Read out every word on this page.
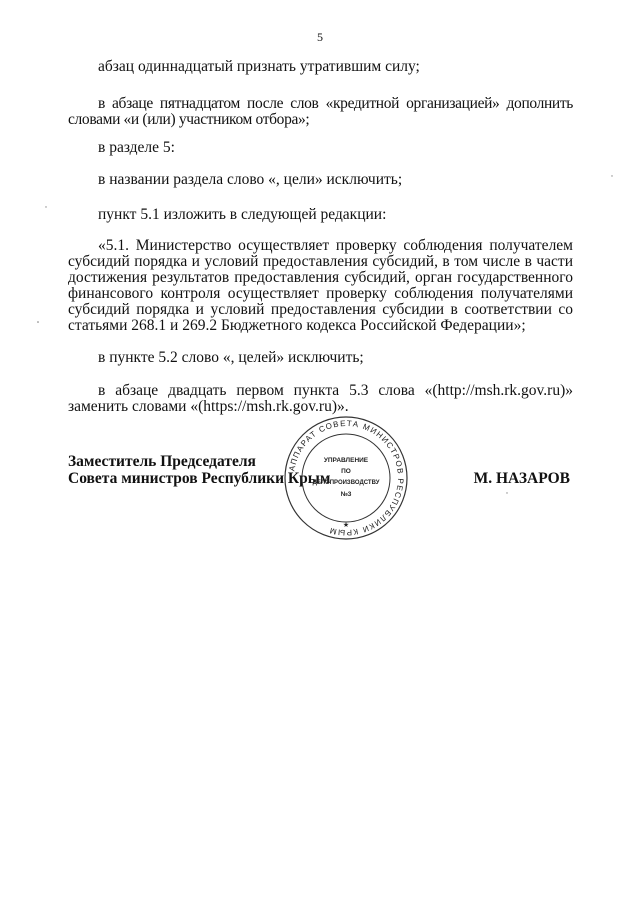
5
абзац одиннадцатый признать утратившим силу;
в абзаце пятнадцатом после слов «кредитной организацией» дополнить словами «и (или) участником отбора»;
в разделе 5:
в названии раздела слово «, цели» исключить;
пункт 5.1 изложить в следующей редакции:
«5.1. Министерство осуществляет проверку соблюдения получателем субсидий порядка и условий предоставления субсидий, в том числе в части достижения результатов предоставления субсидий, орган государственного финансового контроля осуществляет проверку соблюдения получателями субсидий порядка и условий предоставления субсидии в соответствии со статьями 268.1 и 269.2 Бюджетного кодекса Российской Федерации»;
в пункте 5.2 слово «, целей» исключить;
в абзаце двадцать первом пункта 5.3 слова «(http://msh.rk.gov.ru)» заменить словами «(https://msh.rk.gov.ru)».
Заместитель Председателя
Совета министров Республики Крым
АППАРАТ СОВЕТА МИНИСТРОВ РЕСПУБЛИКИ КРЫМ
★
УПРАВЛЕНИЕ
ПО
ДЕЛОПРОИЗВОДСТВУ
№3
М. НАЗАРОВ
